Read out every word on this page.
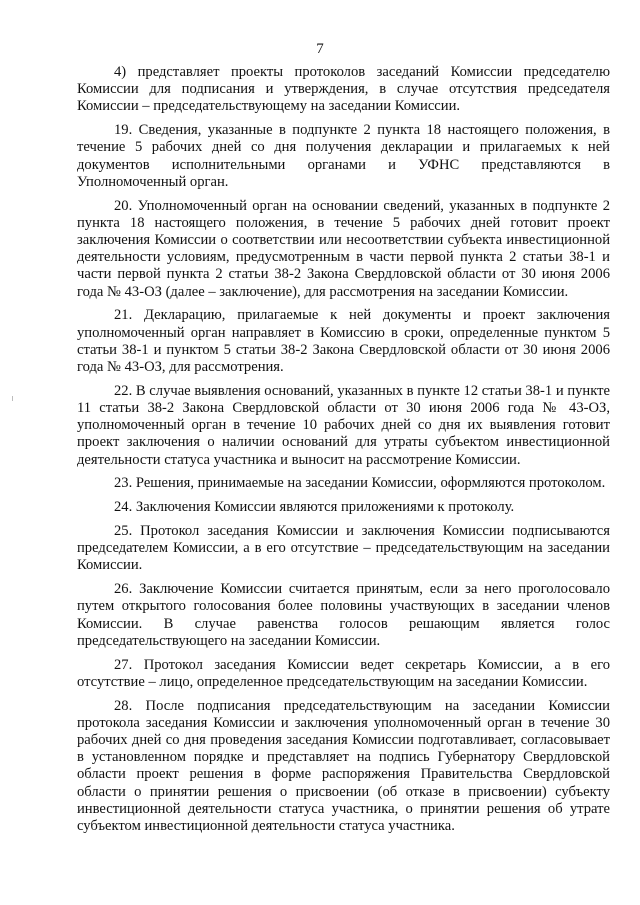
7

4) представляет проекты протоколов заседаний Комиссии председателю Комиссии для подписания и утверждения, в случае отсутствия председателя Комиссии – председательствующему на заседании Комиссии.

19. Сведения, указанные в подпункте 2 пункта 18 настоящего положения, в течение 5 рабочих дней со дня получения декларации и прилагаемых к ней документов исполнительными органами и УФНС представляются в Уполномоченный орган.

20. Уполномоченный орган на основании сведений, указанных в подпункте 2 пункта 18 настоящего положения, в течение 5 рабочих дней готовит проект заключения Комиссии о соответствии или несоответствии субъекта инвестиционной деятельности условиям, предусмотренным в части первой пункта 2 статьи 38-1 и части первой пункта 2 статьи 38-2 Закона Свердловской области от 30 июня 2006 года № 43-ОЗ (далее – заключение), для рассмотрения на заседании Комиссии.

21. Декларацию, прилагаемые к ней документы и проект заключения уполномоченный орган направляет в Комиссию в сроки, определенные пунктом 5 статьи 38-1 и пунктом 5 статьи 38-2 Закона Свердловской области от 30 июня 2006 года № 43-ОЗ, для рассмотрения.

22. В случае выявления оснований, указанных в пункте 12 статьи 38-1 и пункте 11 статьи 38-2 Закона Свердловской области от 30 июня 2006 года № 43-ОЗ, уполномоченный орган в течение 10 рабочих дней со дня их выявления готовит проект заключения о наличии оснований для утраты субъектом инвестиционной деятельности статуса участника и выносит на рассмотрение Комиссии.

23. Решения, принимаемые на заседании Комиссии, оформляются протоколом.

24. Заключения Комиссии являются приложениями к протоколу.

25. Протокол заседания Комиссии и заключения Комиссии подписываются председателем Комиссии, а в его отсутствие – председательствующим на заседании Комиссии.

26. Заключение Комиссии считается принятым, если за него проголосовало путем открытого голосования более половины участвующих в заседании членов Комиссии. В случае равенства голосов решающим является голос председательствующего на заседании Комиссии.

27. Протокол заседания Комиссии ведет секретарь Комиссии, а в его отсутствие – лицо, определенное председательствующим на заседании Комиссии.

28. После подписания председательствующим на заседании Комиссии протокола заседания Комиссии и заключения уполномоченный орган в течение 30 рабочих дней со дня проведения заседания Комиссии подготавливает, согласовывает в установленном порядке и представляет на подпись Губернатору Свердловской области проект решения в форме распоряжения Правительства Свердловской области о принятии решения о присвоении (об отказе в присвоении) субъекту инвестиционной деятельности статуса участника, о принятии решения об утрате субъектом инвестиционной деятельности статуса участника.
